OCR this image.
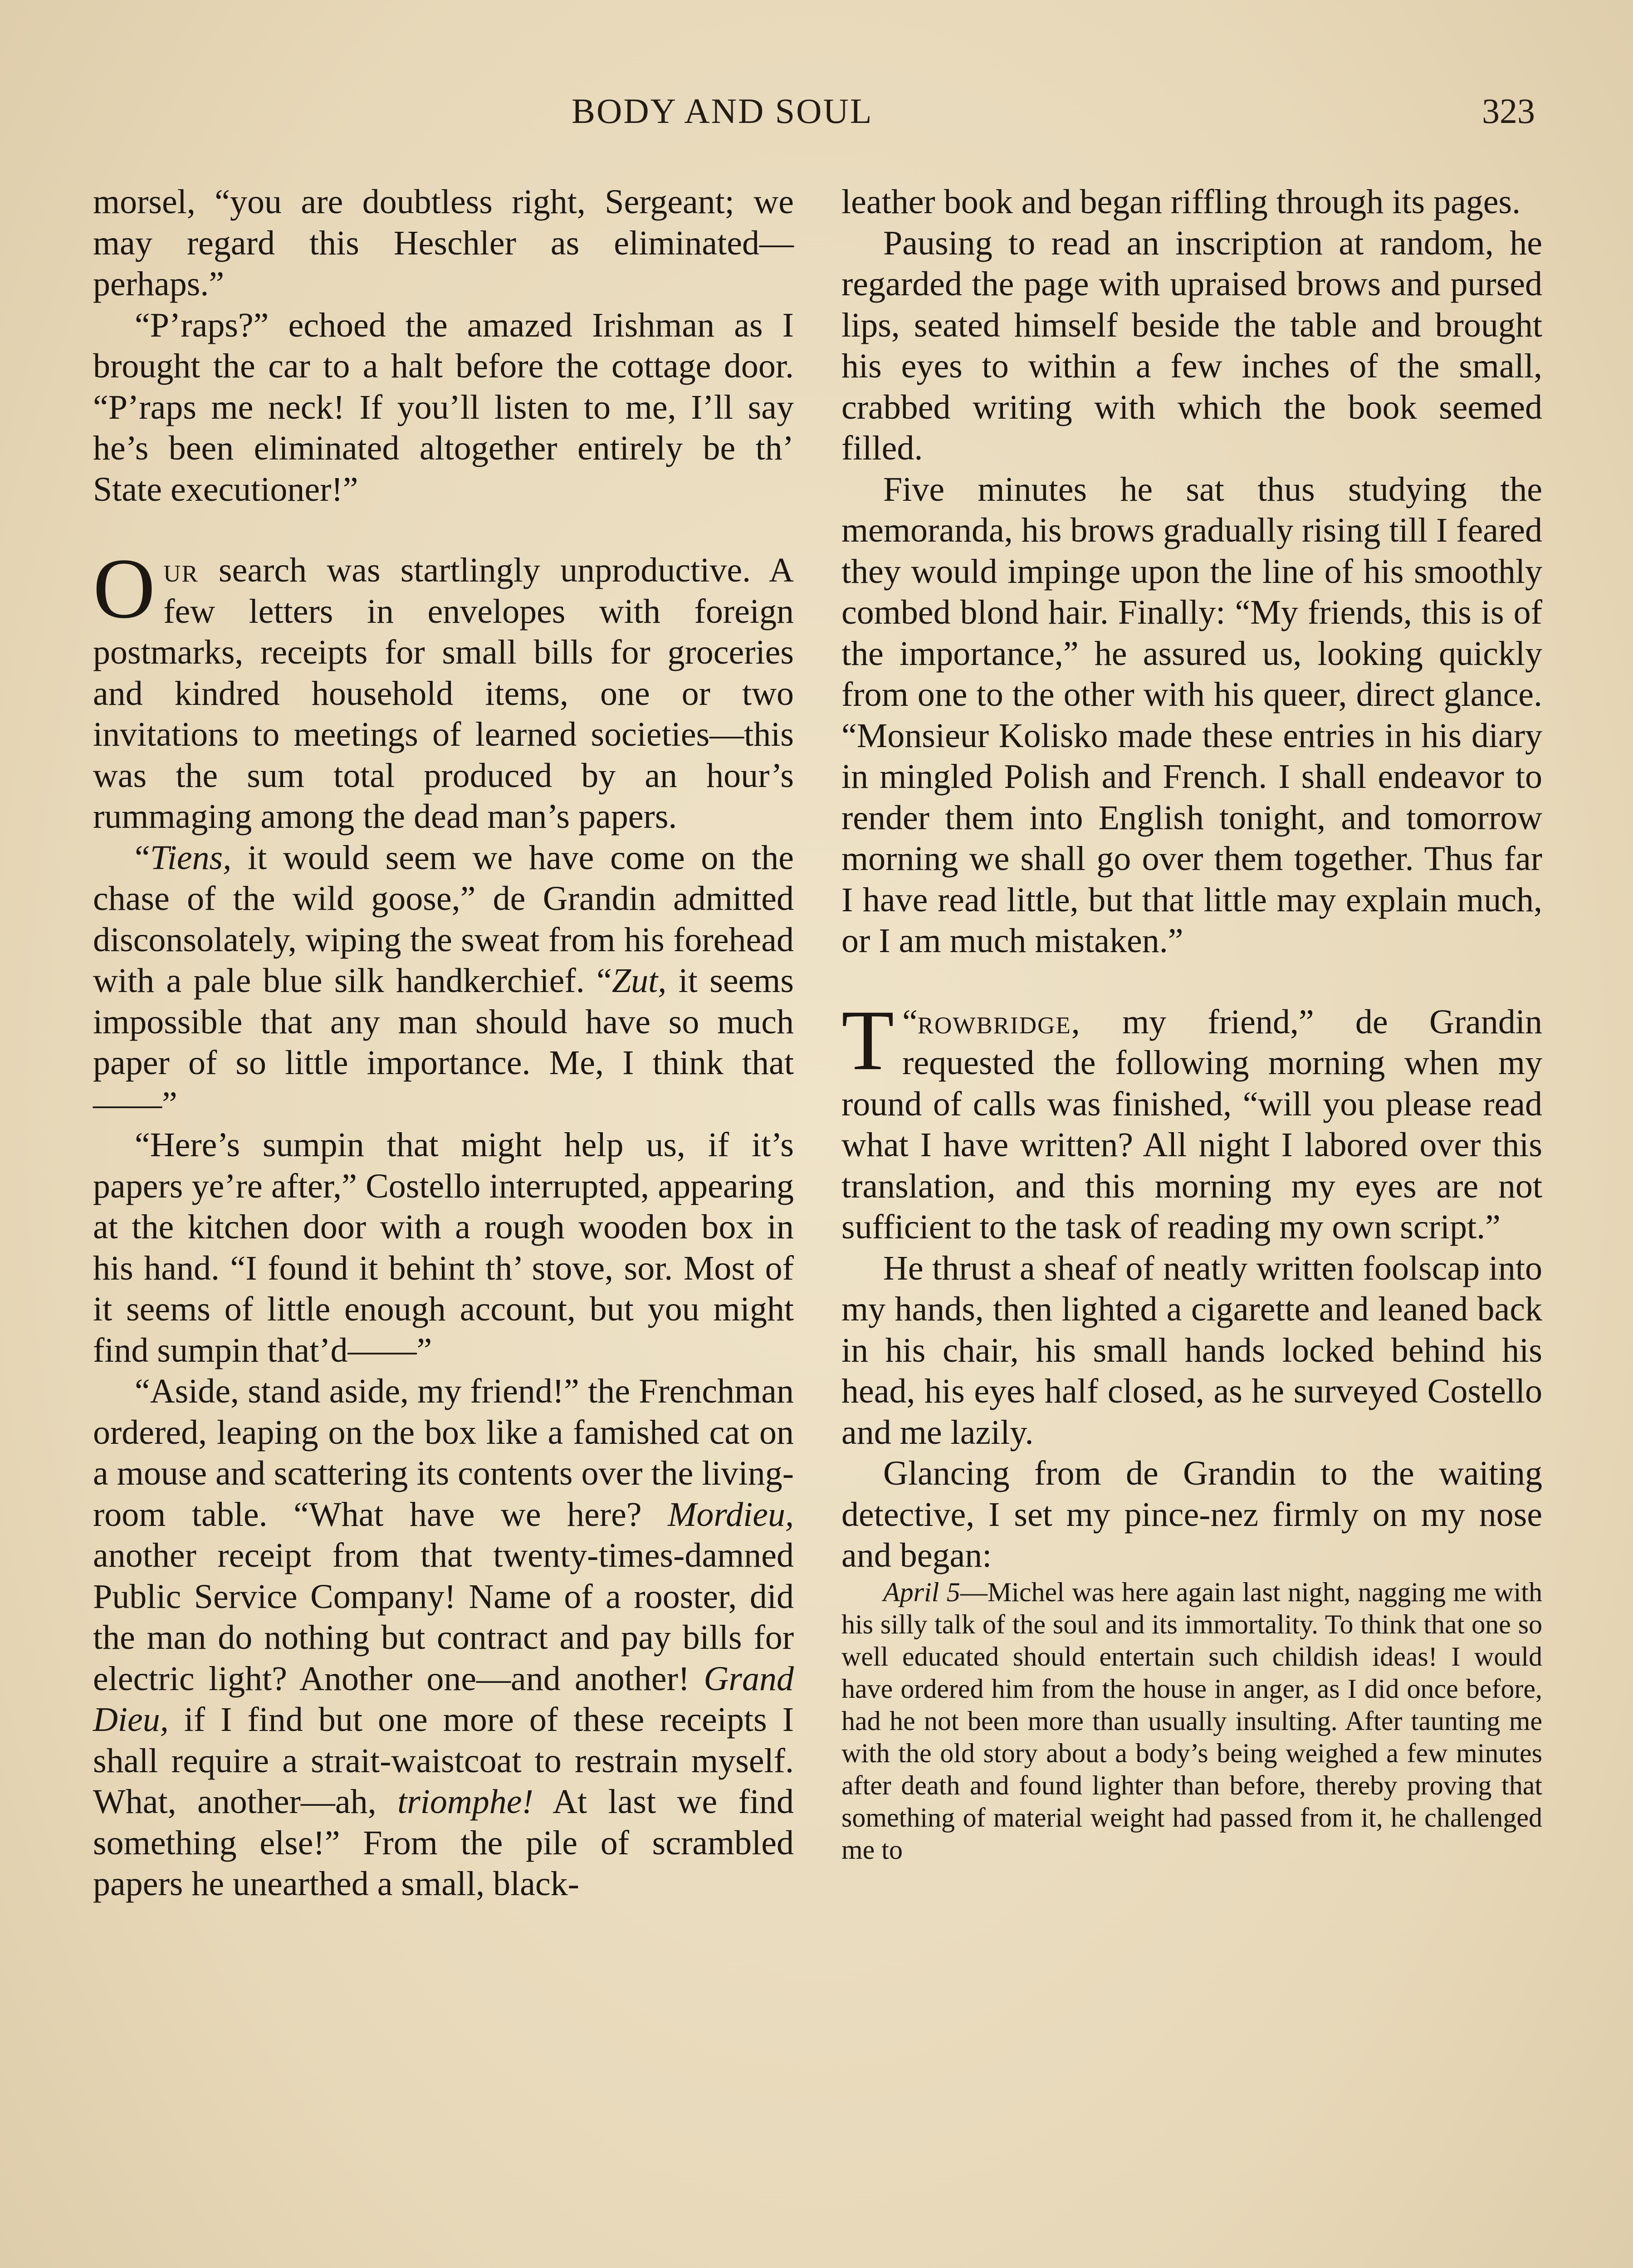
BODY AND SOUL	323

morsel, “you are doubtless right, Sergeant; we may regard this Heschler as eliminated—perhaps.”

“P’raps?” echoed the amazed Irishman as I brought the car to a halt before the cottage door. “P’raps me neck! If you’ll listen to me, I’ll say he’s been eliminated altogether entirely be th’ State executioner!”

Our search was startlingly unproductive. A few letters in envelopes with foreign postmarks, receipts for small bills for groceries and kindred household items, one or two invitations to meetings of learned societies—this was the sum total produced by an hour’s rummaging among the dead man’s papers.

“Tiens, it would seem we have come on the chase of the wild goose,” de Grandin admitted disconsolately, wiping the sweat from his forehead with a pale blue silk handkerchief. “Zut, it seems impossible that any man should have so much paper of so little importance. Me, I think that——”

“Here’s sumpin that might help us, if it’s papers ye’re after,” Costello interrupted, appearing at the kitchen door with a rough wooden box in his hand. “I found it behint th’ stove, sor. Most of it seems of little enough account, but you might find sumpin that’d——”

“Aside, stand aside, my friend!” the Frenchman ordered, leaping on the box like a famished cat on a mouse and scattering its contents over the living-room table. “What have we here? Mordieu, another receipt from that twenty-times-damned Public Service Company! Name of a rooster, did the man do nothing but contract and pay bills for electric light? Another one—and another! Grand Dieu, if I find but one more of these receipts I shall require a strait-waistcoat to restrain myself. What, another—ah, triomphe! At last we find something else!” From the pile of scrambled papers he unearthed a small, black-

leather book and began riffling through its pages.

Pausing to read an inscription at random, he regarded the page with upraised brows and pursed lips, seated himself beside the table and brought his eyes to within a few inches of the small, crabbed writing with which the book seemed filled.

Five minutes he sat thus studying the memoranda, his brows gradually rising till I feared they would impinge upon the line of his smoothly combed blond hair. Finally: “My friends, this is of the importance,” he assured us, looking quickly from one to the other with his queer, direct glance. “Monsieur Kolisko made these entries in his diary in mingled Polish and French. I shall endeavor to render them into English tonight, and tomorrow morning we shall go over them together. Thus far I have read little, but that little may explain much, or I am much mistaken.”

“
T rowbridge, my friend,” de Grandin requested the following morning when my round of calls was finished, “will you please read what I have written? All night I labored over this translation, and this morning my eyes are not sufficient to the task of reading my own script.”

He thrust a sheaf of neatly written foolscap into my hands, then lighted a cigarette and leaned back in his chair, his small hands locked behind his head, his eyes half closed, as he surveyed Costello and me lazily.

Glancing from de Grandin to the waiting detective, I set my pince-nez firmly on my nose and began:

April 5—Michel was here again last night, nagging me with his silly talk of the soul and its immortality. To think that one so well educated should entertain such childish ideas! I would have ordered him from the house in anger, as I did once before, had he not been more than usually insulting. After taunting me with the old story about a body’s being weighed a few minutes after death and found lighter than before, thereby proving that something of material weight had passed from it, he challenged me to
